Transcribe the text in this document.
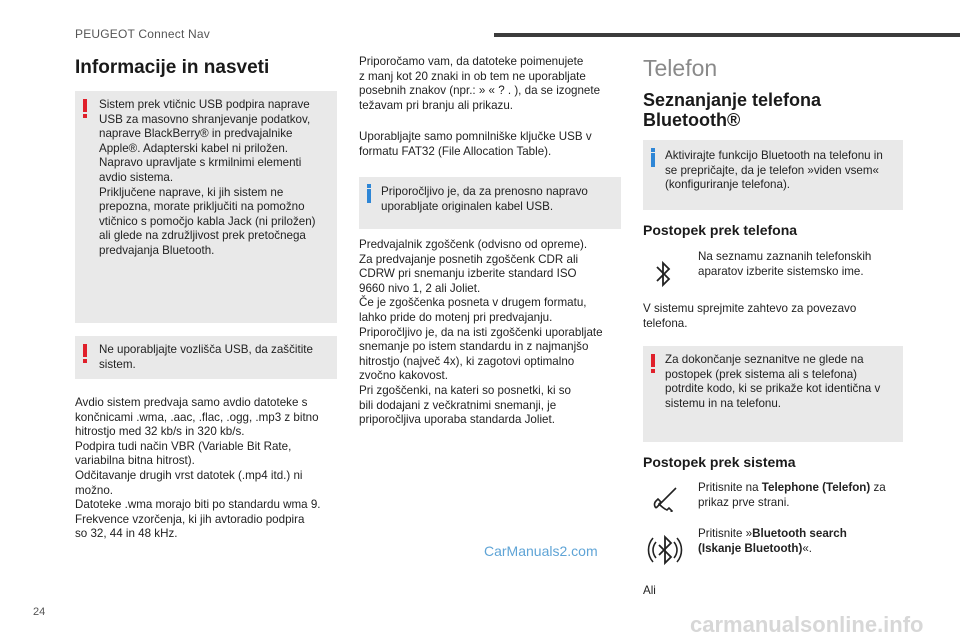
PEUGEOT Connect Nav
Informacije in nasveti
Sistem prek vtičnic USB podpira naprave
USB za masovno shranjevanje podatkov,
naprave BlackBerry® in predvajalnike
Apple®. Adapterski kabel ni priložen.
Napravo upravljate s krmilnimi elementi
avdio sistema.
Priključene naprave, ki jih sistem ne
prepozna, morate priključiti na pomožno
vtičnico s pomočjo kabla Jack (ni priložen)
ali glede na združljivost prek pretočnega
predvajanja Bluetooth.
Ne uporabljajte vozlišča USB, da zaščitite
sistem.
Avdio sistem predvaja samo avdio datoteke s
končnicami .wma, .aac, .flac, .ogg, .mp3 z bitno
hitrostjo med 32 kb/s in 320 kb/s.
Podpira tudi način VBR (Variable Bit Rate,
variabilna bitna hitrost).
Odčitavanje drugih vrst datotek (.mp4 itd.) ni
možno.
Datoteke .wma morajo biti po standardu wma 9.
Frekvence vzorčenja, ki jih avtoradio podpira
so 32, 44 in 48 kHz.
Priporočamo vam, da datoteke poimenujete
z manj kot 20 znaki in ob tem ne uporabljate
posebnih znakov (npr.: » « ? . ), da se izognete
težavam pri branju ali prikazu.
Uporabljajte samo pomnilniške ključke USB v
formatu FAT32 (File Allocation Table).
Priporočljivo je, da za prenosno napravo
uporabljate originalen kabel USB.
Predvajalnik zgoščenk (odvisno od opreme).
Za predvajanje posnetih zgoščenk CDR ali
CDRW pri snemanju izberite standard ISO
9660 nivo 1, 2 ali Joliet.
Če je zgoščenka posneta v drugem formatu,
lahko pride do motenj pri predvajanju.
Priporočljivo je, da na isti zgoščenki uporabljate
snemanje po istem standardu in z najmanjšo
hitrostjo (največ 4x), ki zagotovi optimalno
zvočno kakovost.
Pri zgoščenki, na kateri so posnetki, ki so
bili dodajani z večkratnimi snemanji, je
priporočljiva uporaba standarda Joliet.
Telefon
Seznanjanje telefona
Bluetooth®
Aktivirajte funkcijo Bluetooth na telefonu in
se prepričajte, da je telefon »viden vsem«
(konfiguriranje telefona).
Postopek prek telefona
Na seznamu zaznanih telefonskih
aparatov izberite sistemsko ime.
V sistemu sprejmite zahtevo za povezavo
telefona.
Za dokončanje seznanitve ne glede na
postopek (prek sistema ali s telefona)
potrdite kodo, ki se prikaže kot identična v
sistemu in na telefonu.
Postopek prek sistema
Pritisnite na Telephone (Telefon) za
prikaz prve strani.
Pritisnite »Bluetooth search
(Iskanje Bluetooth)«.
Ali
24
CarManuals2.com
carmanualsonline.info
